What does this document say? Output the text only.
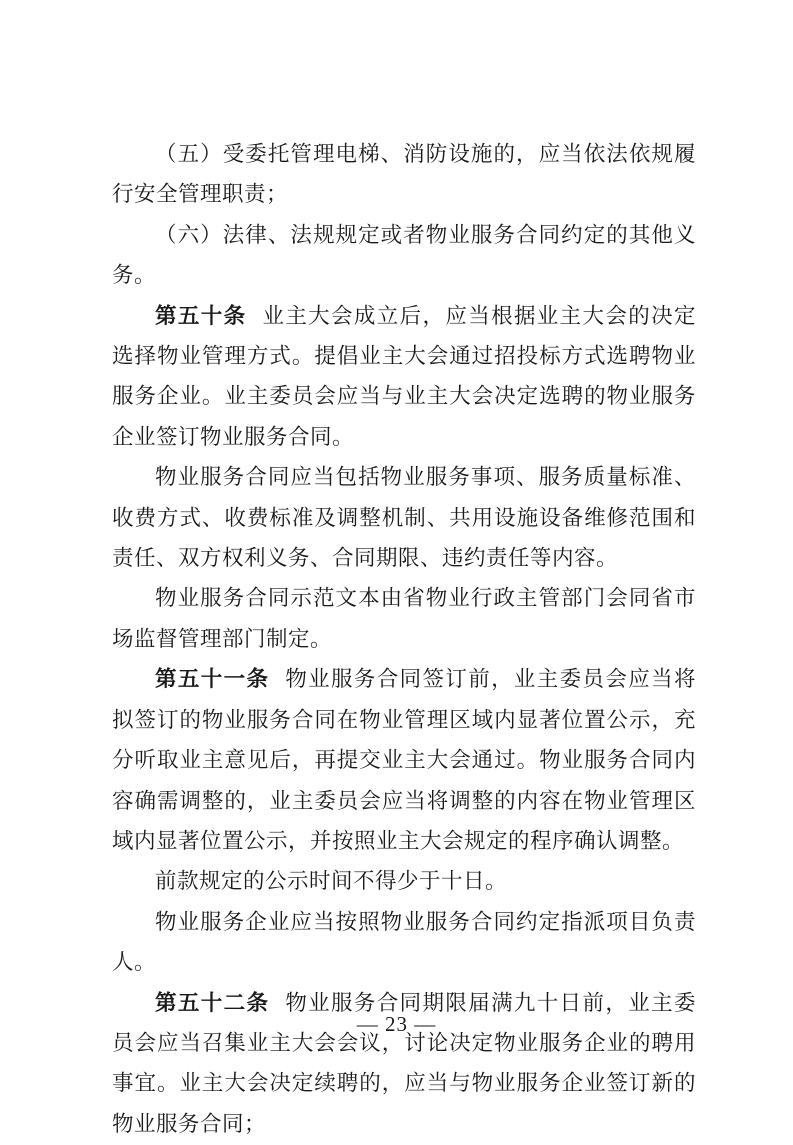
（五）受委托管理电梯、消防设施的，应当依法依规履行安全管理职责；

（六）法律、法规规定或者物业服务合同约定的其他义务。

第五十条 业主大会成立后，应当根据业主大会的决定选择物业管理方式。提倡业主大会通过招投标方式选聘物业服务企业。业主委员会应当与业主大会决定选聘的物业服务企业签订物业服务合同。

物业服务合同应当包括物业服务事项、服务质量标准、收费方式、收费标准及调整机制、共用设施设备维修范围和责任、双方权利义务、合同期限、违约责任等内容。

物业服务合同示范文本由省物业行政主管部门会同省市场监督管理部门制定。

第五十一条 物业服务合同签订前，业主委员会应当将拟签订的物业服务合同在物业管理区域内显著位置公示，充分听取业主意见后，再提交业主大会通过。物业服务合同内容确需调整的，业主委员会应当将调整的内容在物业管理区域内显著位置公示，并按照业主大会规定的程序确认调整。

前款规定的公示时间不得少于十日。

物业服务企业应当按照物业服务合同约定指派项目负责人。

第五十二条 物业服务合同期限届满九十日前，业主委员会应当召集业主大会会议，讨论决定物业服务企业的聘用事宜。业主大会决定续聘的，应当与物业服务企业签订新的物业服务合同；

— 23 —
